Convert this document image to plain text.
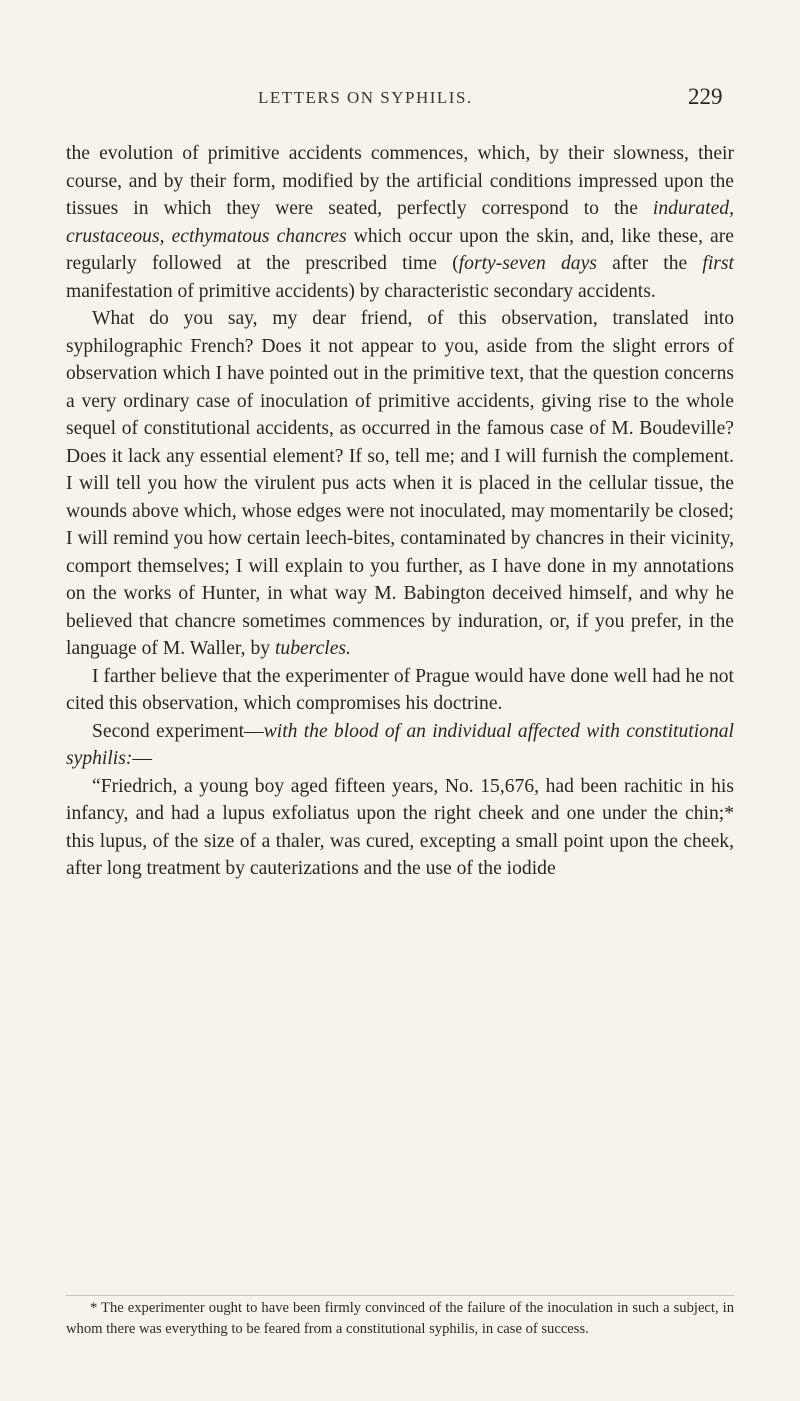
LETTERS ON SYPHILIS.	229

the evolution of primitive accidents commences, which, by their slowness, their course, and by their form, modified by the artificial conditions impressed upon the tissues in which they were seated, perfectly correspond to the indurated, crustaceous, ecthymatous chancres which occur upon the skin, and, like these, are regularly followed at the prescribed time (forty-seven days after the first manifestation of primitive accidents) by characteristic secondary accidents.

What do you say, my dear friend, of this observation, translated into syphilographic French? Does it not appear to you, aside from the slight errors of observation which I have pointed out in the primitive text, that the question concerns a very ordinary case of inoculation of primitive accidents, giving rise to the whole sequel of constitutional accidents, as occurred in the famous case of M. Boudeville? Does it lack any essential element? If so, tell me; and I will furnish the complement. I will tell you how the virulent pus acts when it is placed in the cellular tissue, the wounds above which, whose edges were not inoculated, may momentarily be closed; I will remind you how certain leech-bites, contaminated by chancres in their vicinity, comport themselves; I will explain to you further, as I have done in my annotations on the works of Hunter, in what way M. Babington deceived himself, and why he believed that chancre sometimes commences by induration, or, if you prefer, in the language of M. Waller, by tubercles.

I farther believe that the experimenter of Prague would have done well had he not cited this observation, which compromises his doctrine.

Second experiment—with the blood of an individual affected with constitutional syphilis:—

“Friedrich, a young boy aged fifteen years, No. 15,676, had been rachitic in his infancy, and had a lupus exfoliatus upon the right cheek and one under the chin;* this lupus, of the size of a thaler, was cured, excepting a small point upon the cheek, after long treatment by cauterizations and the use of the iodide

* The experimenter ought to have been firmly convinced of the failure of the inoculation in such a subject, in whom there was everything to be feared from a constitutional syphilis, in case of success.
